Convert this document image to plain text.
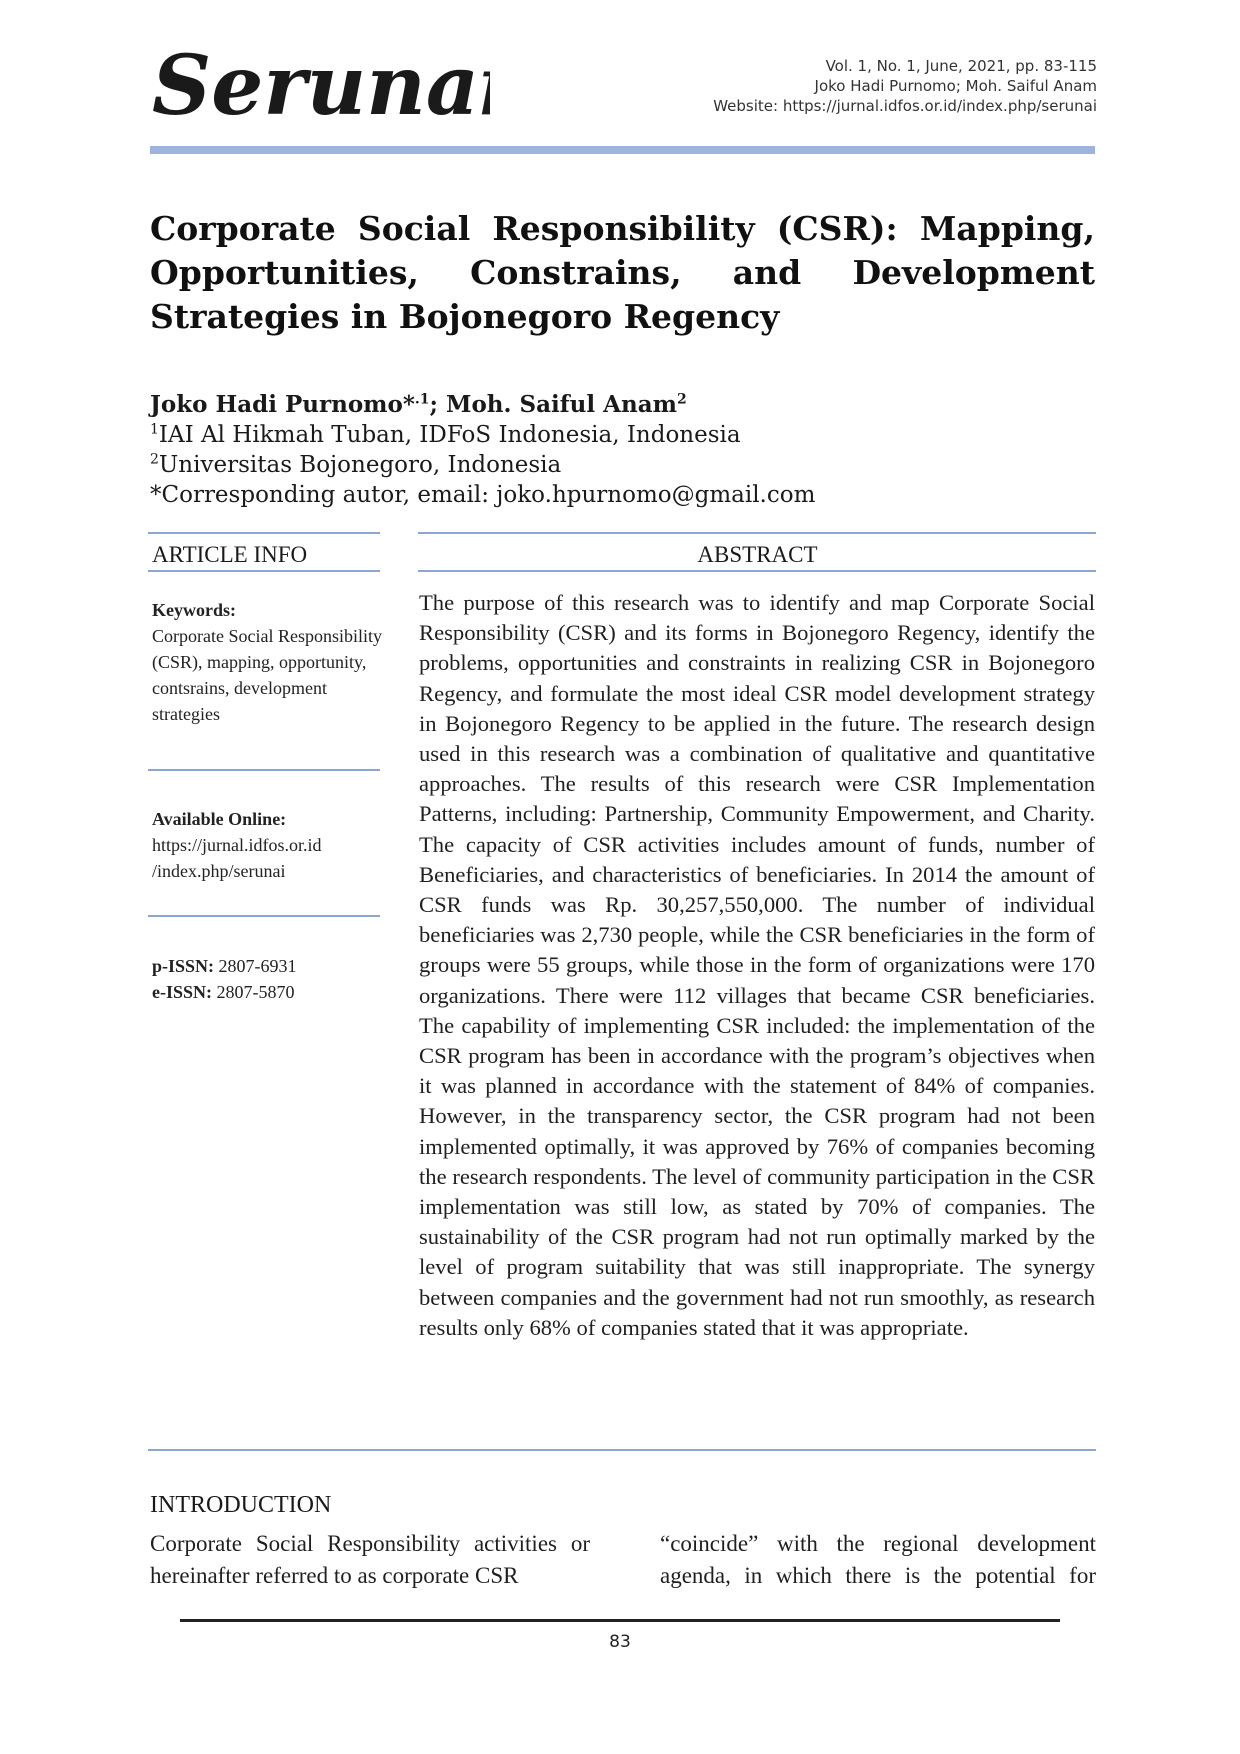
Serunai	Vol. 1, No. 1, June, 2021, pp. 83-115
Joko Hadi Purnomo; Moh. Saiful Anam
Website: https://jurnal.idfos.or.id/index.php/serunai
Corporate Social Responsibility (CSR): Mapping,
Opportunities, Constrains, and Development
Strategies in Bojonegoro Regency
Joko Hadi Purnomo*$^{.1}$; Moh. Saiful Anam$^2$
$^1$IAI Al Hikmah Tuban, IDFoS Indonesia, Indonesia
$^2$Universitas Bojonegoro, Indonesia
*Corresponding autor, email: joko.hpurnomo@gmail.com
ARTICLE INFO
Keywords:
Corporate Social Responsibility (CSR), mapping, opportunity, contsrains, development strategies
Available Online:
https://jurnal.idfos.or.id
/index.php/serunai
p-ISSN: 2807-6931
e-ISSN: 2807-5870
ABSTRACT
The purpose of this research was to identify and map Corporate Social Responsibility (CSR) and its forms in Bojonegoro Regency, identify the problems, opportunities and constraints in realizing CSR in Bojonegoro Regency, and formulate the most ideal CSR model development strategy in Bojonegoro Regency to be applied in the future. The research design used in this research was a combination of qualitative and quantitative approaches. The results of this research were CSR Implementation Patterns, including: Partnership, Community Empowerment, and Charity. The capacity of CSR activities includes amount of funds, number of Beneficiaries, and characteristics of beneficiaries. In 2014 the amount of CSR funds was Rp. 30,257,550,000. The number of individual beneficiaries was 2,730 people, while the CSR beneficiaries in the form of groups were 55 groups, while those in the form of organizations were 170 organizations. There were 112 villages that became CSR beneficiaries. The capability of implementing CSR included: the implementation of the CSR program has been in accordance with the program’s objectives when it was planned in accordance with the statement of 84% of companies. However, in the transparency sector, the CSR program had not been implemented optimally, it was approved by 76% of companies becoming the research respondents. The level of community participation in the CSR implementation was still low, as stated by 70% of companies. The sustainability of the CSR program had not run optimally marked by the level of program suitability that was still inappropriate. The synergy between companies and the government had not run smoothly, as research results only 68% of companies stated that it was appropriate.
INTRODUCTION
Corporate Social Responsibility activities or
hereinafter referred to as corporate CSR
“coincide” with the regional development
agenda, in which there is the potential for
83
